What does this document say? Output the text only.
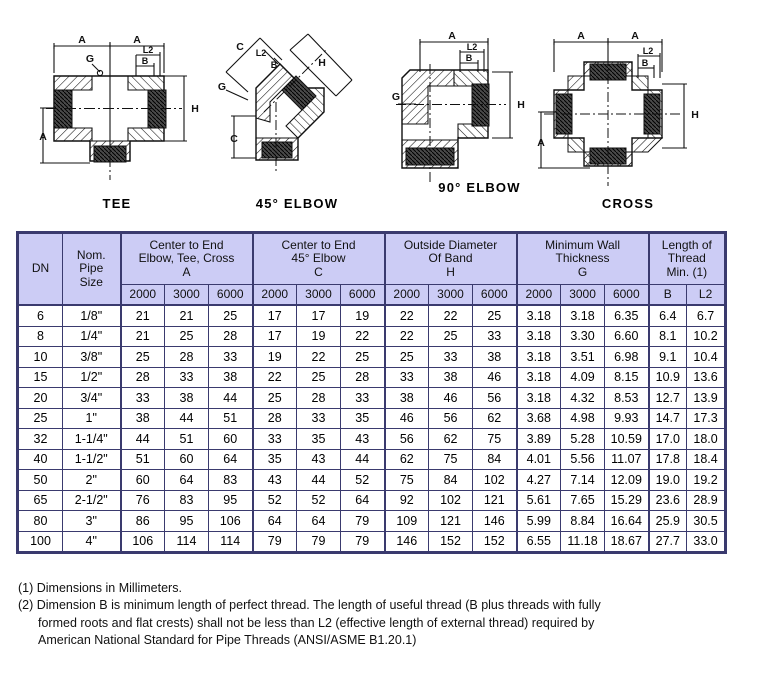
A	A
L2
B
G
H
A
TEE
C L2
B	H
G
C
45° ELBOW
A
L2
B
H
G
90° ELBOW
A	A
L2
B
H
A
CROSS
DN	
Nom.
Pipe
Size

Center to End
Elbow, Tee, Cross
A

Center to End
45° Elbow
C

Outside Diameter
Of Band
H

Minimum Wall
Thickness
G

Length of
Thread
Min. (1)

		2000	3000	6000	2000	3000	6000	2000	3000	6000	2000	3000	6000	B	L2
6	1/8"	21	21	25	17	17	19	22	22	25	3.18	3.18	6.35	6.4	6.7
8	1/4"	21	25	28	17	19	22	22	25	33	3.18	3.30	6.60	8.1	10.2
10	3/8"	25	28	33	19	22	25	25	33	38	3.18	3.51	6.98	9.1	10.4
15	1/2"	28	33	38	22	25	28	33	38	46	3.18	4.09	8.15	10.9	13.6
20	3/4"	33	38	44	25	28	33	38	46	56	3.18	4.32	8.53	12.7	13.9
25	1"	38	44	51	28	33	35	46	56	62	3.68	4.98	9.93	14.7	17.3
32	1-1/4"	44	51	60	33	35	43	56	62	75	3.89	5.28	10.59	17.0	18.0
40	1-1/2"	51	60	64	35	43	44	62	75	84	4.01	5.56	11.07	17.8	18.4
50	2"	60	64	83	43	44	52	75	84	102	4.27	7.14	12.09	19.0	19.2
65	2-1/2"	76	83	95	52	52	64	92	102	121	5.61	7.65	15.29	23.6	28.9
80	3"	86	95	106	64	64	79	109	121	146	5.99	8.84	16.64	25.9	30.5
100	4"	106	114	114	79	79	79	146	152	152	6.55	11.18	18.67	27.7	33.0
(1) Dimensions in Millimeters.
(2) Dimension B is minimum length of perfect thread. The length of useful thread (B plus threads with fully
formed roots and flat crests) shall not be less than L2 (effective length of external thread) required by
American National Standard for Pipe Threads (ANSI/ASME B1.20.1)
